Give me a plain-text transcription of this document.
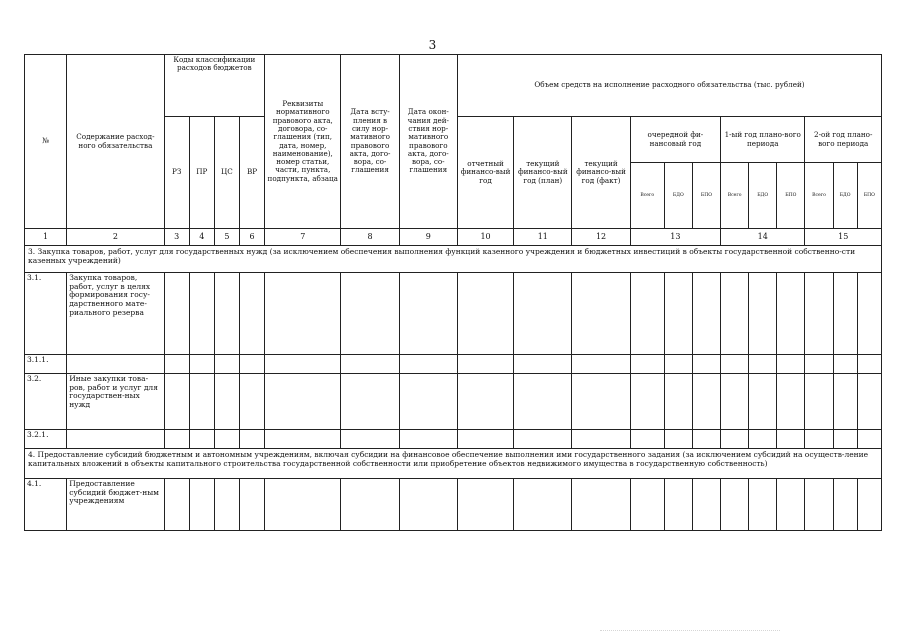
3
№	Содержание расход-ного обязательства	Коды классификации расходов бюджетов				Реквизиты нормативного правового акта, договора, со-глашения (тип, дата, номер, наименование), номер статьи, части, пункта, подпункта, абзаца	Дата всту-пления в силу нор-мативного правового акта, дого-вора, со-глашения	Дата окон-чания дей-ствия нор-мативного правового акта, дого-вора, со-глашения	Объем средств на исполнение расходного обязательства (тыс. рублей)											
		РЗ	ПР	ЦС	ВР				отчетный финансо-вый год	текущий финансо-вый год (план)	текущий финансо-вый год (факт)	очередной фи-нансовый год			1-ый год плано-вого периода			2-ой год плано-вого периода		
												Всего	БДО	БПО	Всего	БДО	БПО	Всего	БДО	БПО
1	2	3	4	5	6	7	8	9	10	11	12	13			14			15		
3. Закупка товаров, работ, услуг для государственных нужд (за исключением обеспечения выполнения функций казенного учреждения и бюджетных инвестиций в объекты государственной собственно-сти казенных учреждений)																				
3.1.	Закупка товаров, работ, услуг в целях формирования госу-дарственного мате-риального резерва																			
3.1.1.																				
3.2.	Иные закупки това-ров, работ и услуг для государствен-ных нужд																			
3.2.1.																				
4. Предоставление субсидий бюджетным и автономным учреждениям, включая субсидии на финансовое обеспечение выполнения ими государственного задания (за исключением субсидий на осуществ-ление капитальных вложений в объекты капитального строительства государственной собственности или приобретение объектов недвижимого имущества в государственную собственность)																				
4.1.	Предоставление субсидий бюджет-ным учреждениям																			
